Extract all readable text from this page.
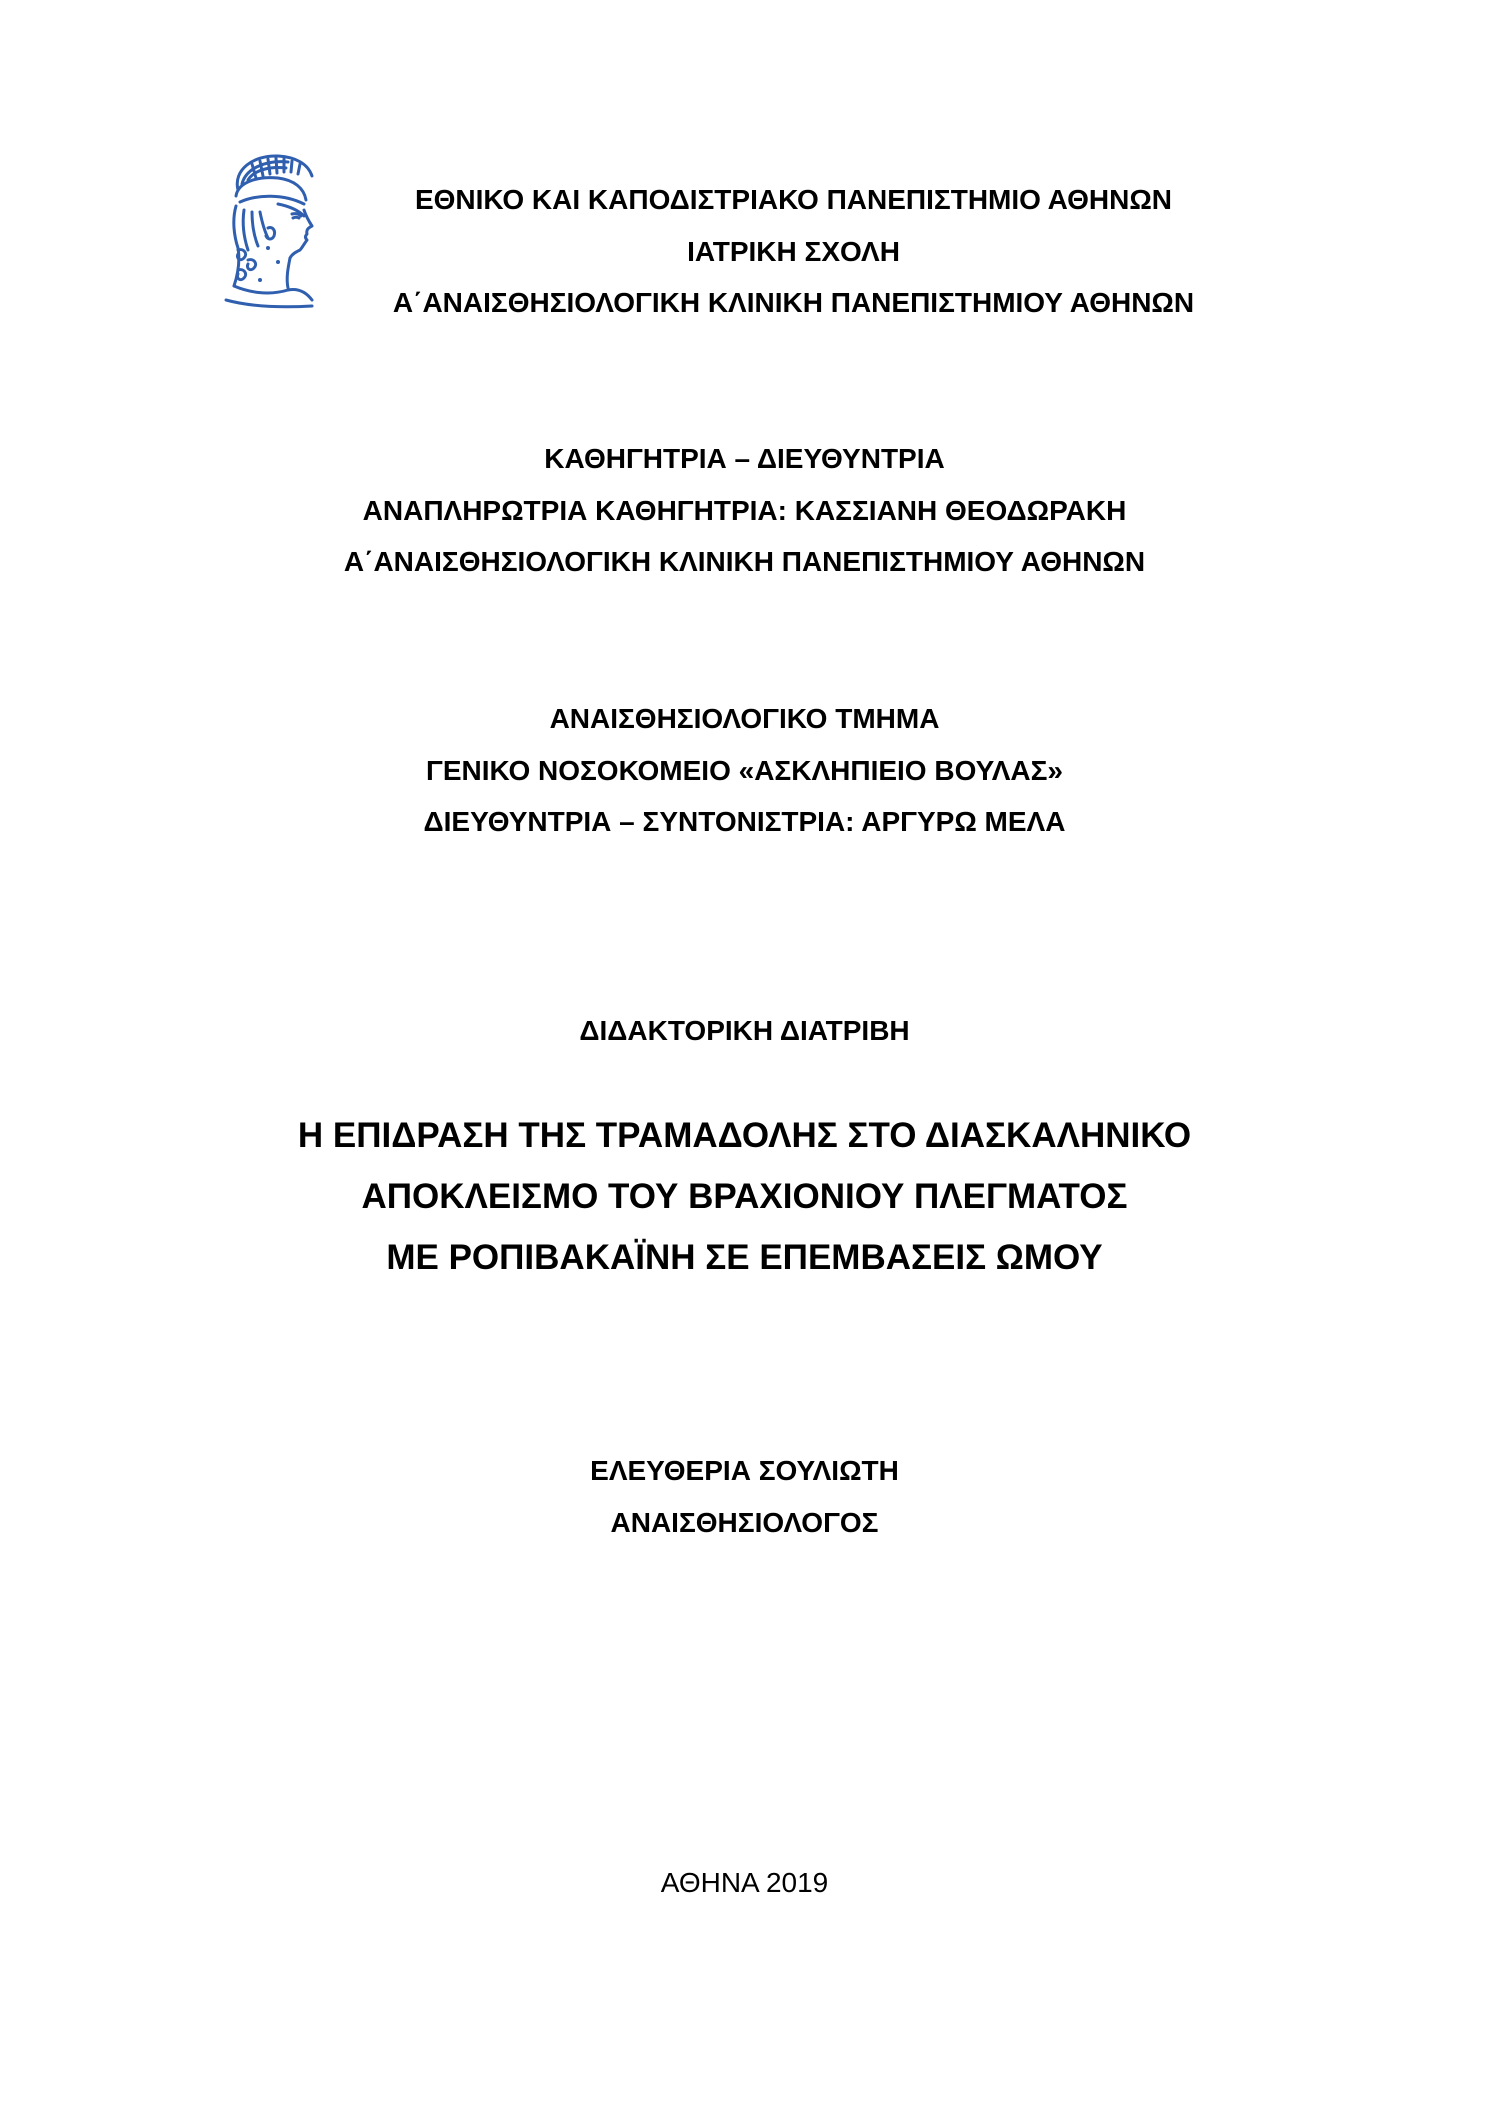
ΕΘΝΙΚΟ ΚΑΙ ΚΑΠΟΔΙΣΤΡΙΑΚΟ ΠΑΝΕΠΙΣΤΗΜΙΟ ΑΘΗΝΩΝ
ΙΑΤΡΙΚΗ ΣΧΟΛΗ
Α΄ΑΝΑΙΣΘΗΣΙΟΛΟΓΙΚΗ ΚΛΙΝΙΚΗ ΠΑΝΕΠΙΣΤΗΜΙΟΥ ΑΘΗΝΩΝ
ΚΑΘΗΓΗΤΡΙΑ – ΔΙΕΥΘΥΝΤΡΙΑ
ΑΝΑΠΛΗΡΩΤΡΙΑ ΚΑΘΗΓΗΤΡΙΑ: ΚΑΣΣΙΑΝΗ ΘΕΟΔΩΡΑΚΗ
Α΄ΑΝΑΙΣΘΗΣΙΟΛΟΓΙΚΗ ΚΛΙΝΙΚΗ ΠΑΝΕΠΙΣΤΗΜΙΟΥ ΑΘΗΝΩΝ
ΑΝΑΙΣΘΗΣΙΟΛΟΓΙΚΟ ΤΜΗΜΑ
ΓΕΝΙΚΟ ΝΟΣΟΚΟΜΕΙΟ «ΑΣΚΛΗΠΙΕΙΟ ΒΟΥΛΑΣ»
ΔΙΕΥΘΥΝΤΡΙΑ – ΣΥΝΤΟΝΙΣΤΡΙΑ: ΑΡΓΥΡΩ ΜΕΛΑ
ΔΙΔΑΚΤΟΡΙΚΗ ΔΙΑΤΡΙΒΗ
Η ΕΠΙΔΡΑΣΗ ΤΗΣ ΤΡΑΜΑΔΟΛΗΣ ΣΤΟ ΔΙΑΣΚΑΛΗΝΙΚΟ
ΑΠΟΚΛΕΙΣΜΟ ΤΟΥ ΒΡΑΧΙΟΝΙΟΥ ΠΛΕΓΜΑΤΟΣ
ΜΕ ΡΟΠΙΒΑΚΑΪΝΗ ΣΕ ΕΠΕΜΒΑΣΕΙΣ ΩΜΟΥ
ΕΛΕΥΘΕΡΙΑ ΣΟΥΛΙΩΤΗ
ΑΝΑΙΣΘΗΣΙΟΛΟΓΟΣ
ΑΘΗΝΑ 2019
